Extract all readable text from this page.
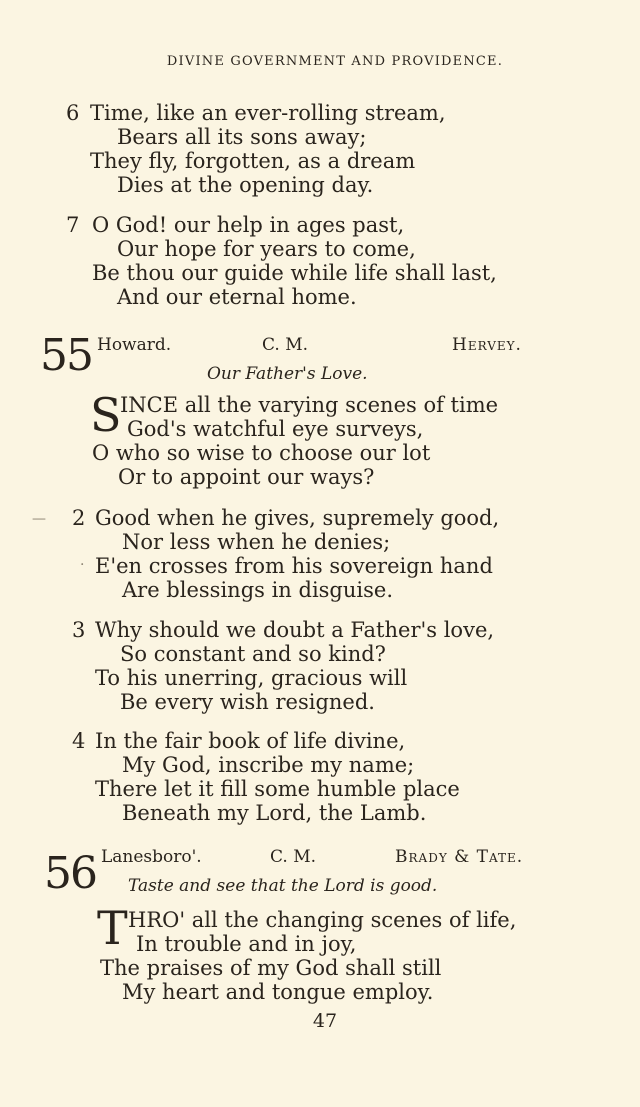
DIVINE GOVERNMENT AND PROVIDENCE.
6 Time, like an ever-rolling stream,
Bears all its sons away;
They fly, forgotten, as a dream
Dies at the opening day.
7 O God! our help in ages past,
Our hope for years to come,
Be thou our guide while life shall last,
And our eternal home.
55 Howard.	C. M.	Hervey.
Our Father's Love.
S
INCE all the varying scenes of time
God's watchful eye surveys,
O who so wise to choose our lot
Or to appoint our ways?
— 2 Good when he gives, supremely good,
Nor less when he denies;
· E'en crosses from his sovereign hand
Are blessings in disguise.
3 Why should we doubt a Father's love,
So constant and so kind?
To his unerring, gracious will
Be every wish resigned.
4 In the fair book of life divine,
My God, inscribe my name;
There let it fill some humble place
Beneath my Lord, the Lamb.
56 Lanesboro'.	C. M.	Brady & Tate.
Taste and see that the Lord is good.
T HRO' all the changing scenes of life,
In trouble and in joy,
The praises of my God shall still
My heart and tongue employ.
47
